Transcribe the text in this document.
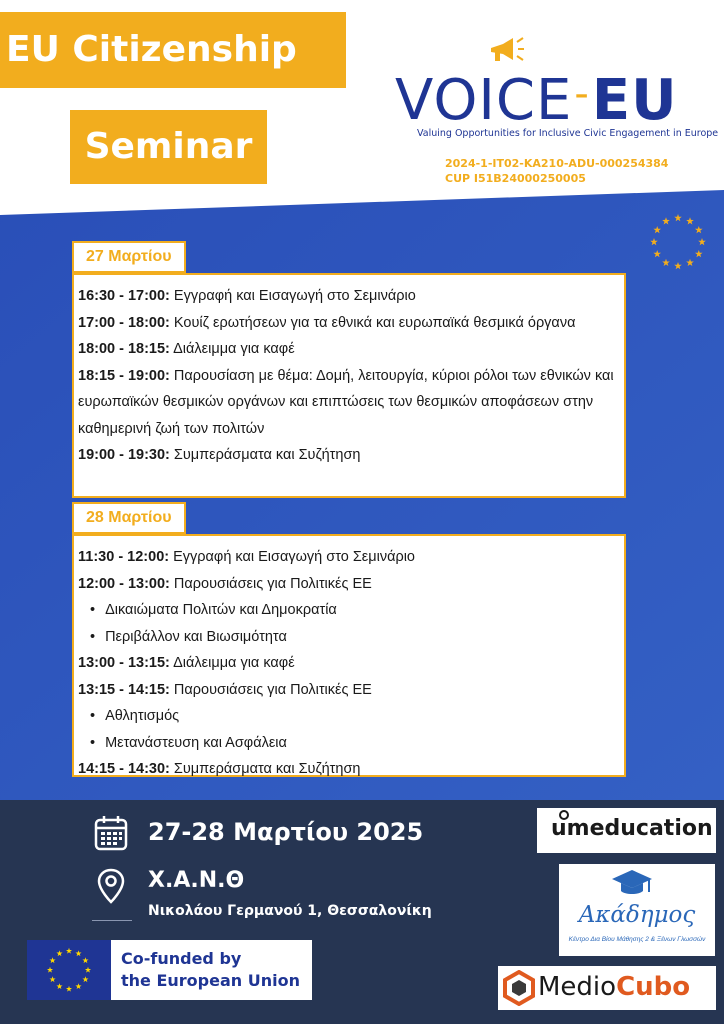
EU Citizenship
Seminar
VOICE-EU
Valuing Opportunities for Inclusive Civic Engagement in Europe
2024-1-IT02-KA210-ADU-000254384
CUP I51B24000250005
27 Μαρτίου
16:30 - 17:00: Εγγραφή και Εισαγωγή στο Σεμινάριο
17:00 - 18:00: Κουίζ ερωτήσεων για τα εθνικά και ευρωπαϊκά θεσμικά όργανα
18:00 - 18:15: Διάλειμμα για καφέ
18:15 - 19:00: Παρουσίαση με θέμα: Δομή, λειτουργία, κύριοι ρόλοι των εθνικών και ευρωπαϊκών θεσμικών οργάνων και επιπτώσεις των θεσμικών αποφάσεων στην καθημερινή ζωή των πολιτών
19:00 - 19:30: Συμπεράσματα και Συζήτηση
28 Μαρτίου
11:30 - 12:00: Εγγραφή και Εισαγωγή στο Σεμινάριο
12:00 - 13:00: Παρουσιάσεις για Πολιτικές ΕΕ
• Δικαιώματα Πολιτών και Δημοκρατία
• Περιβάλλον και Βιωσιμότητα
13:00 - 13:15: Διάλειμμα για καφέ
13:15 - 14:15: Παρουσιάσεις για Πολιτικές ΕΕ
• Αθλητισμός
• Μετανάστευση και Ασφάλεια
14:15 - 14:30: Συμπεράσματα και Συζήτηση
27-28 Μαρτίου 2025
Χ.Α.Ν.Θ
Νικολάου Γερμανού 1, Θεσσαλονίκη
Co-funded by
the European Union
umeducation
Ακάδημος
Κέντρο Δια Βίου Μάθησης 2 & Ξένων Γλωσσών
MedioCubo
